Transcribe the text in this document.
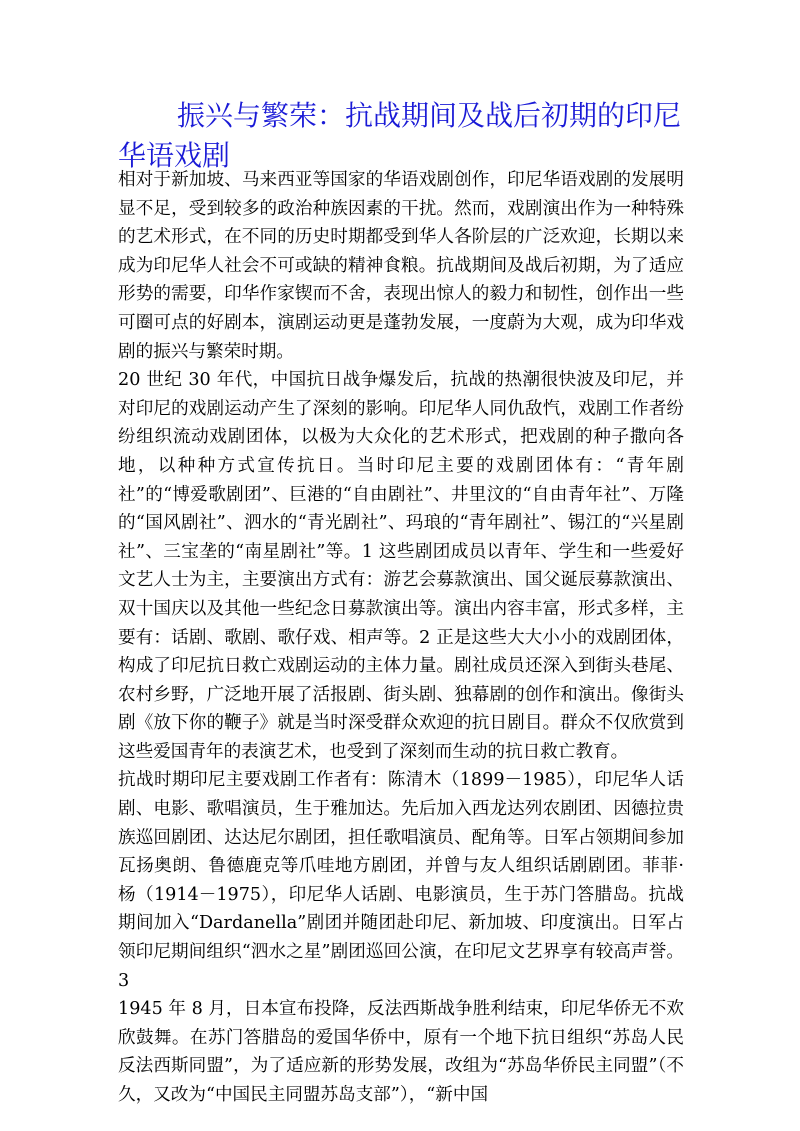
振兴与繁荣：抗战期间及战后初期的印尼华语戏剧

相对于新加坡、马来西亚等国家的华语戏剧创作，印尼华语戏剧的发展明显不足，受到较多的政治种族因素的干扰。然而，戏剧演出作为一种特殊的艺术形式，在不同的历史时期都受到华人各阶层的广泛欢迎，长期以来成为印尼华人社会不可或缺的精神食粮。抗战期间及战后初期，为了适应形势的需要，印华作家锲而不舍，表现出惊人的毅力和韧性，创作出一些可圈可点的好剧本，演剧运动更是蓬勃发展，一度蔚为大观，成为印华戏剧的振兴与繁荣时期。

20 世纪 30 年代，中国抗日战争爆发后，抗战的热潮很快波及印尼，并对印尼的戏剧运动产生了深刻的影响。印尼华人同仇敌忾，戏剧工作者纷纷组织流动戏剧团体，以极为大众化的艺术形式，把戏剧的种子撒向各地，以种种方式宣传抗日。当时印尼主要的戏剧团体有：“青年剧社”的“博爱歌剧团”、巨港的“自由剧社”、井里汶的“自由青年社”、万隆的“国风剧社”、泗水的“青光剧社”、玛琅的“青年剧社”、锡江的“兴星剧社”、三宝垄的“南星剧社”等。1 这些剧团成员以青年、学生和一些爱好文艺人士为主，主要演出方式有：游艺会募款演出、国父诞辰募款演出、双十国庆以及其他一些纪念日募款演出等。演出内容丰富，形式多样，主要有：话剧、歌剧、歌仔戏、相声等。2 正是这些大大小小的戏剧团体，构成了印尼抗日救亡戏剧运动的主体力量。剧社成员还深入到街头巷尾、农村乡野，广泛地开展了活报剧、街头剧、独幕剧的创作和演出。像街头剧《放下你的鞭子》就是当时深受群众欢迎的抗日剧目。群众不仅欣赏到这些爱国青年的表演艺术，也受到了深刻而生动的抗日救亡教育。

抗战时期印尼主要戏剧工作者有：陈清木（1899－1985），印尼华人话剧、电影、歌唱演员，生于雅加达。先后加入西龙达列农剧团、因德拉贵族巡回剧团、达达尼尔剧团，担任歌唱演员、配角等。日军占领期间参加瓦扬奥朗、鲁德鹿克等爪哇地方剧团，并曾与友人组织话剧剧团。菲菲·杨（1914－1975），印尼华人话剧、电影演员，生于苏门答腊岛。抗战期间加入“Dardanella”剧团并随团赴印尼、新加坡、印度演出。日军占领印尼期间组织“泗水之星”剧团巡回公演，在印尼文艺界享有较高声誉。3

1945 年 8 月，日本宣布投降，反法西斯战争胜利结束，印尼华侨无不欢欣鼓舞。在苏门答腊岛的爱国华侨中，原有一个地下抗日组织“苏岛人民反法西斯同盟”，为了适应新的形势发展，改组为“苏岛华侨民主同盟”（不久，又改为“中国民主同盟苏岛支部”），“新中国
